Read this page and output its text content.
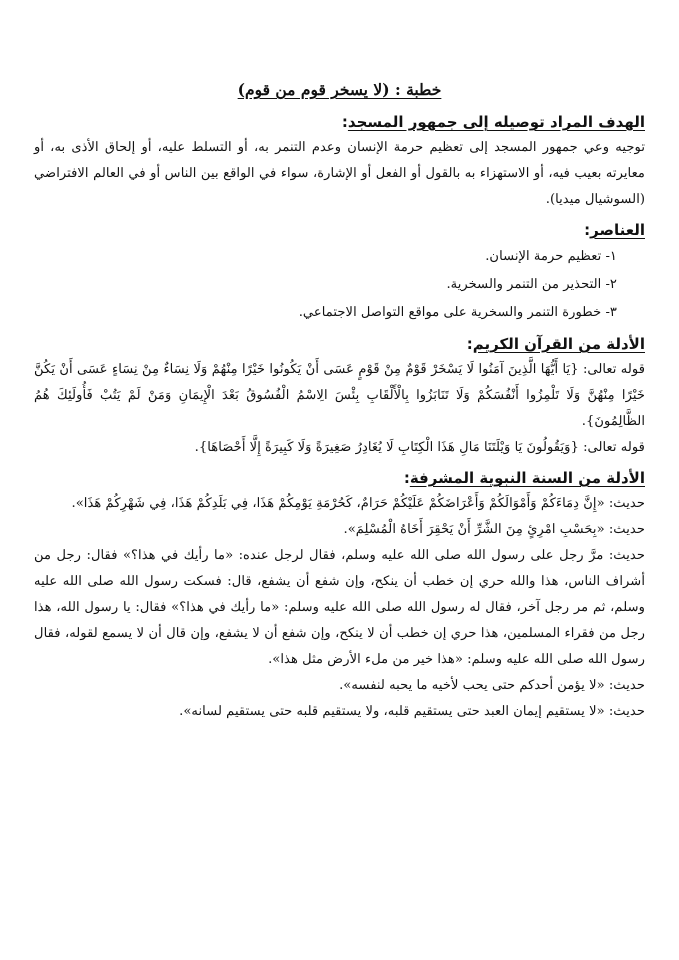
خطبة : (لا يسخر قوم من قوم)
الهدف المراد توصيله إلى جمهور المسجد:

توجيه وعي جمهور المسجد إلى تعظيم حرمة الإنسان وعدم التنمر به، أو التسلط عليه، أو إلحاق الأذى به، أو معايرته بعيب فيه، أو الاستهزاء به بالقول أو الفعل أو الإشارة، سواء في الواقع بين الناس أو في العالم الافتراضي (السوشيال ميديا).

العناصر:
١- تعظيم حرمة الإنسان.
٢- التحذير من التنمر والسخرية.
٣- خطورة التنمر والسخرية على مواقع التواصل الاجتماعي.
الأدلة من القرآن الكريم:

قوله تعالى: {يَا أَيُّهَا الَّذِينَ آمَنُوا لَا يَسْخَرْ قَوْمٌ مِنْ قَوْمٍ عَسَى أَنْ يَكُونُوا خَيْرًا مِنْهُمْ وَلَا نِسَاءٌ مِنْ نِسَاءٍ عَسَى أَنْ يَكُنَّ خَيْرًا مِنْهُنَّ وَلَا تَلْمِزُوا أَنْفُسَكُمْ وَلَا تَنَابَزُوا بِالْأَلْقَابِ بِئْسَ الِاسْمُ الْفُسُوقُ بَعْدَ الْإِيمَانِ وَمَنْ لَمْ يَتُبْ فَأُولَئِكَ هُمُ الظَّالِمُونَ}.

قوله تعالى: {وَيَقُولُونَ يَا وَيْلَتَنَا مَالِ هَذَا الْكِتَابِ لَا يُغَادِرُ صَغِيرَةً وَلَا كَبِيرَةً إِلَّا أَحْصَاهَا}.

الأدلة من السنة النبوية المشرفة:

حديث: «إِنَّ دِمَاءَكُمْ وَأَمْوَالَكُمْ وَأَعْرَاضَكُمْ عَلَيْكُمْ حَرَامٌ، كَحُرْمَةِ يَوْمِكُمْ هَذَا، فِي بَلَدِكُمْ هَذَا، فِي شَهْرِكُمْ هَذَا».

حديث: «بِحَسْبِ امْرِئٍ مِنَ الشَّرِّ أَنْ يَحْقِرَ أَخَاهُ الْمُسْلِمَ».

حديث: مرَّ رجل على رسول الله صلى الله عليه وسلم، فقال لرجل عنده: «ما رأيك في هذا؟» فقال: رجل من أشراف الناس، هذا والله حري إن خطب أن ينكح، وإن شفع أن يشفع، قال: فسكت رسول الله صلى الله عليه وسلم، ثم مر رجل آخر، فقال له رسول الله صلى الله عليه وسلم: «ما رأيك في هذا؟» فقال: يا رسول الله، هذا رجل من فقراء المسلمين، هذا حري إن خطب أن لا ينكح، وإن شفع أن لا يشفع، وإن قال أن لا يسمع لقوله، فقال رسول الله صلى الله عليه وسلم: «هذا خير من ملء الأرض مثل هذا».

حديث: «لا يؤمن أحدكم حتى يحب لأخيه ما يحبه لنفسه».

حديث: «لا يستقيم إيمان العبد حتى يستقيم قلبه، ولا يستقيم قلبه حتى يستقيم لسانه».
